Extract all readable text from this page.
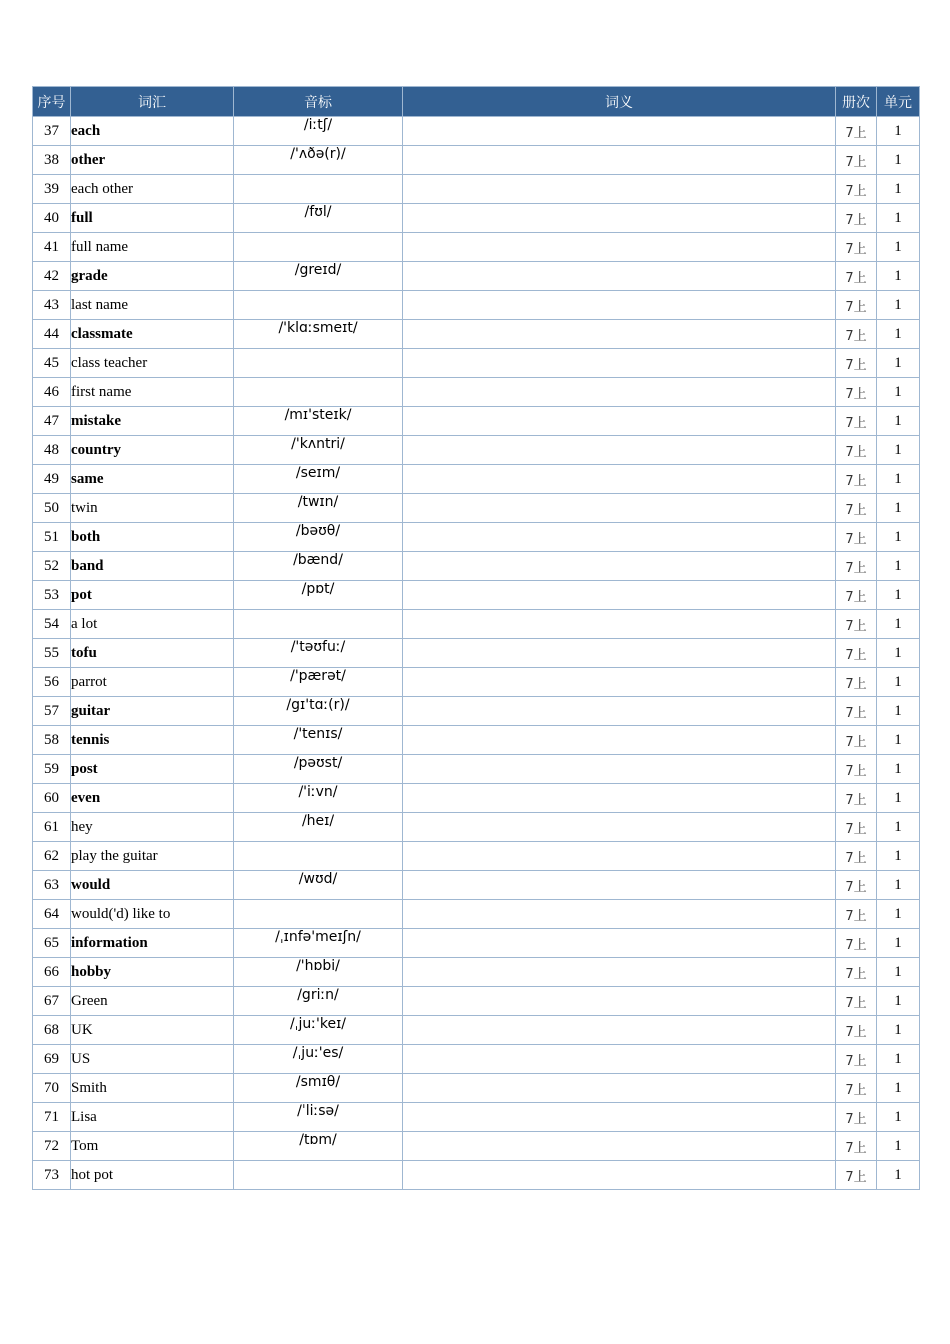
序号	词汇	音标	词义	册次	单元
37	each	/iːtʃ/		7上	1
38	other	/'ʌðə(r)/		7上	1
39	each other			7上	1
40	full	/fʊl/		7上	1
41	full name			7上	1
42	grade	/greɪd/		7上	1
43	last name			7上	1
44	classmate	/'klɑːsmeɪt/		7上	1
45	class teacher			7上	1
46	first name			7上	1
47	mistake	/mɪ'steɪk/		7上	1
48	country	/'kʌntri/		7上	1
49	same	/seɪm/		7上	1
50	twin	/twɪn/		7上	1
51	both	/bəʊθ/		7上	1
52	band	/bænd/		7上	1
53	pot	/pɒt/		7上	1
54	a lot			7上	1
55	tofu	/'təʊfuː/		7上	1
56	parrot	/'pærət/		7上	1
57	guitar	/gɪ'tɑː(r)/		7上	1
58	tennis	/'tenɪs/		7上	1
59	post	/pəʊst/		7上	1
60	even	/'iːvn/		7上	1
61	hey	/heɪ/		7上	1
62	play the guitar			7上	1
63	would	/wʊd/		7上	1
64	would('d) like to			7上	1
65	information	/ˌɪnfə'meɪʃn/		7上	1
66	hobby	/'hɒbi/		7上	1
67	Green	/griːn/		7上	1
68	UK	/ˌjuː'keɪ/		7上	1
69	US	/ˌjuː'es/		7上	1
70	Smith	/smɪθ/		7上	1
71	Lisa	/ˈliːsə/		7上	1
72	Tom	/tɒm/		7上	1
73	hot pot			7上	1
